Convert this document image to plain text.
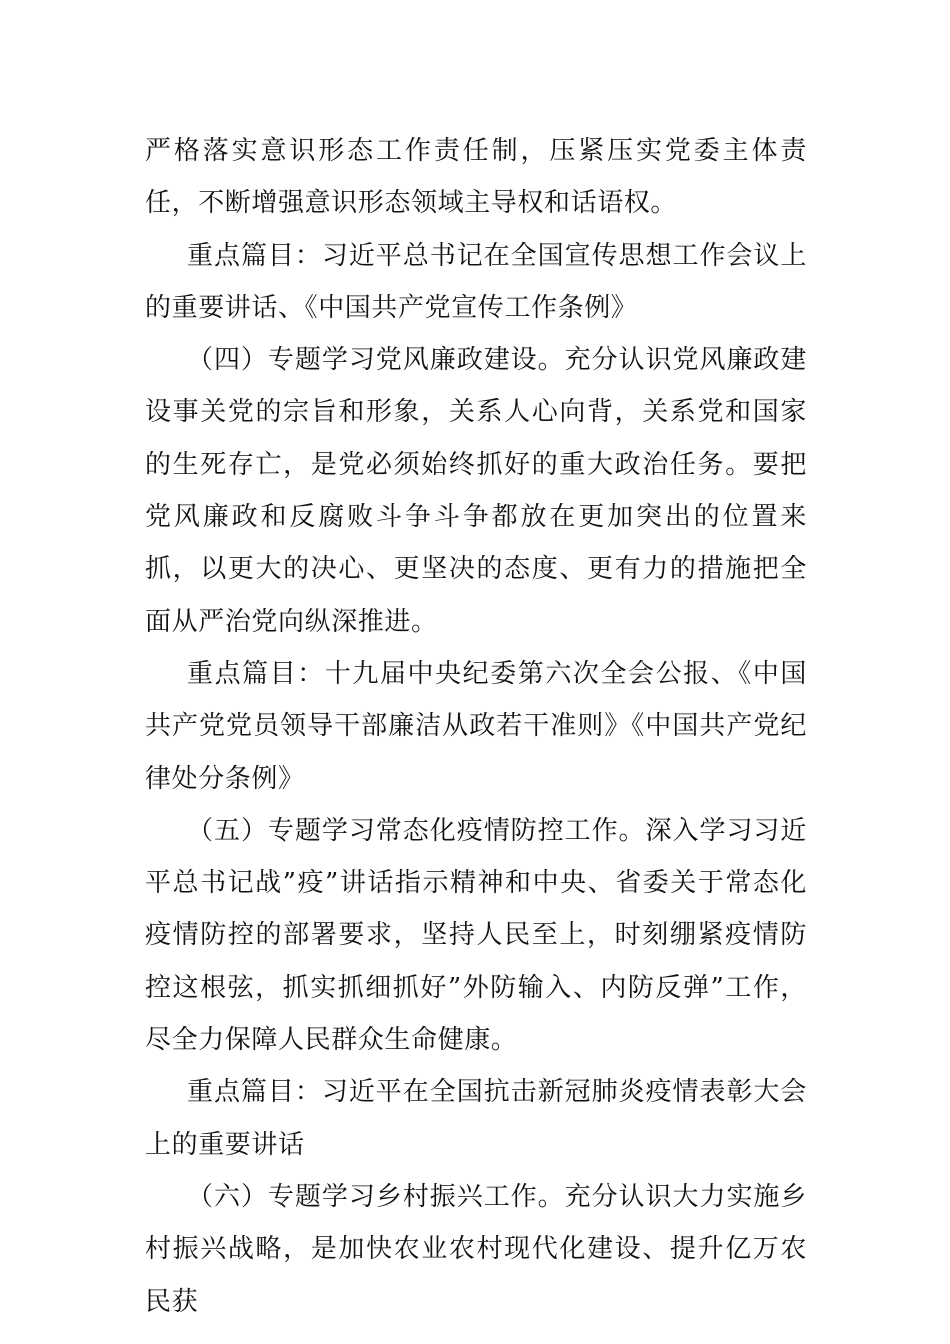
严格落实意识形态工作责任制，压紧压实党委主体责任，不断增强意识形态领域主导权和话语权。

重点篇目：习近平总书记在全国宣传思想工作会议上的重要讲话、《中国共产党宣传工作条例》

（四）专题学习党风廉政建设。充分认识党风廉政建设事关党的宗旨和形象，关系人心向背，关系党和国家的生死存亡，是党必须始终抓好的重大政治任务。要把党风廉政和反腐败斗争斗争都放在更加突出的位置来抓，以更大的决心、更坚决的态度、更有力的措施把全面从严治党向纵深推进。

重点篇目：十九届中央纪委第六次全会公报、《中国共产党党员领导干部廉洁从政若干准则》《中国共产党纪律处分条例》

（五）专题学习常态化疫情防控工作。深入学习习近平总书记战”疫”讲话指示精神和中央、省委关于常态化疫情防控的部署要求，坚持人民至上，时刻绷紧疫情防控这根弦，抓实抓细抓好”外防输入、内防反弹”工作，尽全力保障人民群众生命健康。

重点篇目：习近平在全国抗击新冠肺炎疫情表彰大会上的重要讲话

（六）专题学习乡村振兴工作。充分认识大力实施乡村振兴战略，是加快农业农村现代化建设、提升亿万农民获
